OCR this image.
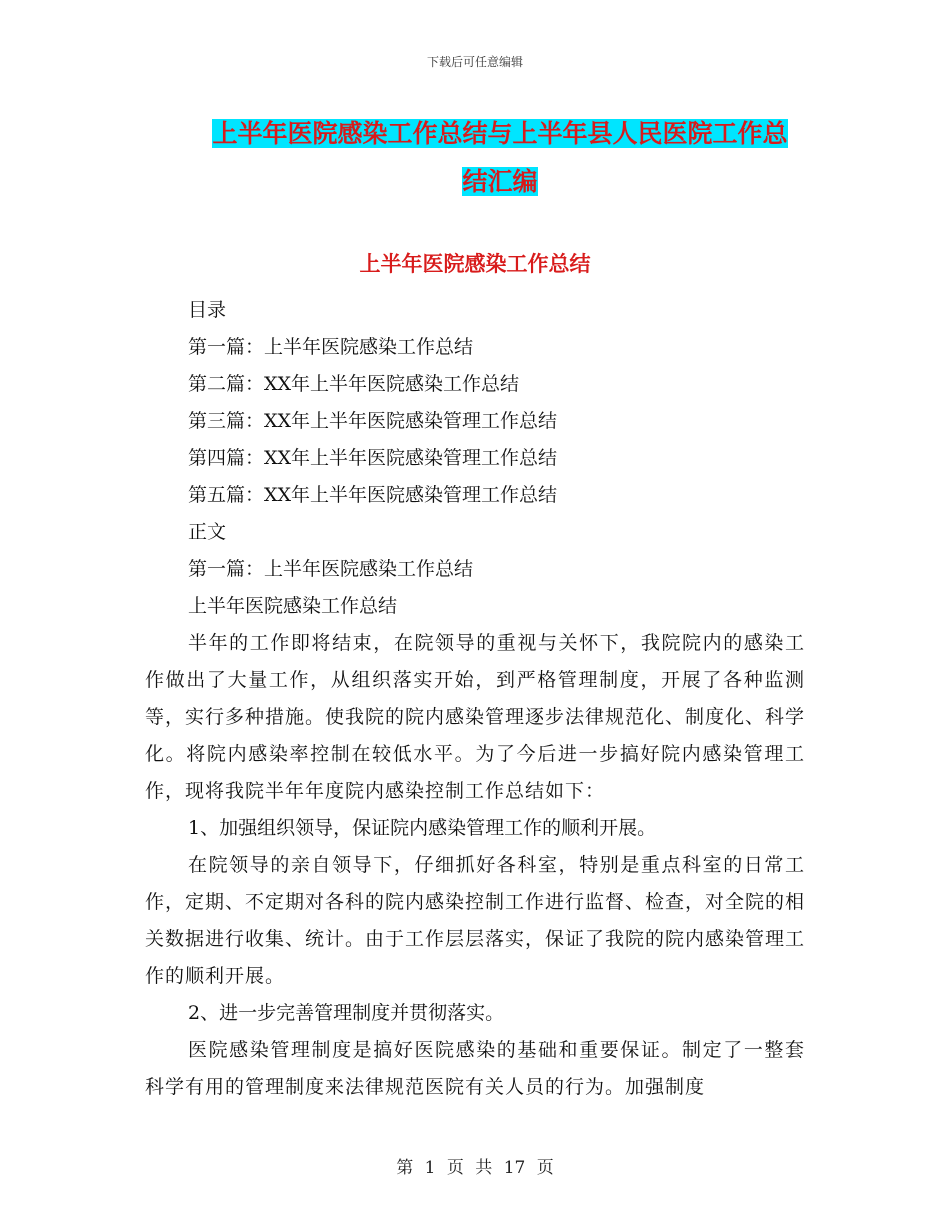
下载后可任意编辑
上半年医院感染工作总结与上半年县人民医院工作总
结汇编
上半年医院感染工作总结
目录
第一篇：上半年医院感染工作总结
第二篇：XX年上半年医院感染工作总结
第三篇：XX年上半年医院感染管理工作总结
第四篇：XX年上半年医院感染管理工作总结
第五篇：XX年上半年医院感染管理工作总结
正文
第一篇：上半年医院感染工作总结
上半年医院感染工作总结
半年的工作即将结束，在院领导的重视与关怀下，我院院内的感染工作做出了大量工作，从组织落实开始，到严格管理制度，开展了各种监测等，实行多种措施。使我院的院内感染管理逐步法律规范化、制度化、科学化。将院内感染率控制在较低水平。为了今后进一步搞好院内感染管理工作，现将我院半年年度院内感染控制工作总结如下：
1、加强组织领导，保证院内感染管理工作的顺利开展。
在院领导的亲自领导下，仔细抓好各科室，特别是重点科室的日常工作，定期、不定期对各科的院内感染控制工作进行监督、检查，对全院的相关数据进行收集、统计。由于工作层层落实，保证了我院的院内感染管理工作的顺利开展。
2、进一步完善管理制度并贯彻落实。
医院感染管理制度是搞好医院感染的基础和重要保证。制定了一整套科学有用的管理制度来法律规范医院有关人员的行为。加强制度
第 1 页 共 17 页
